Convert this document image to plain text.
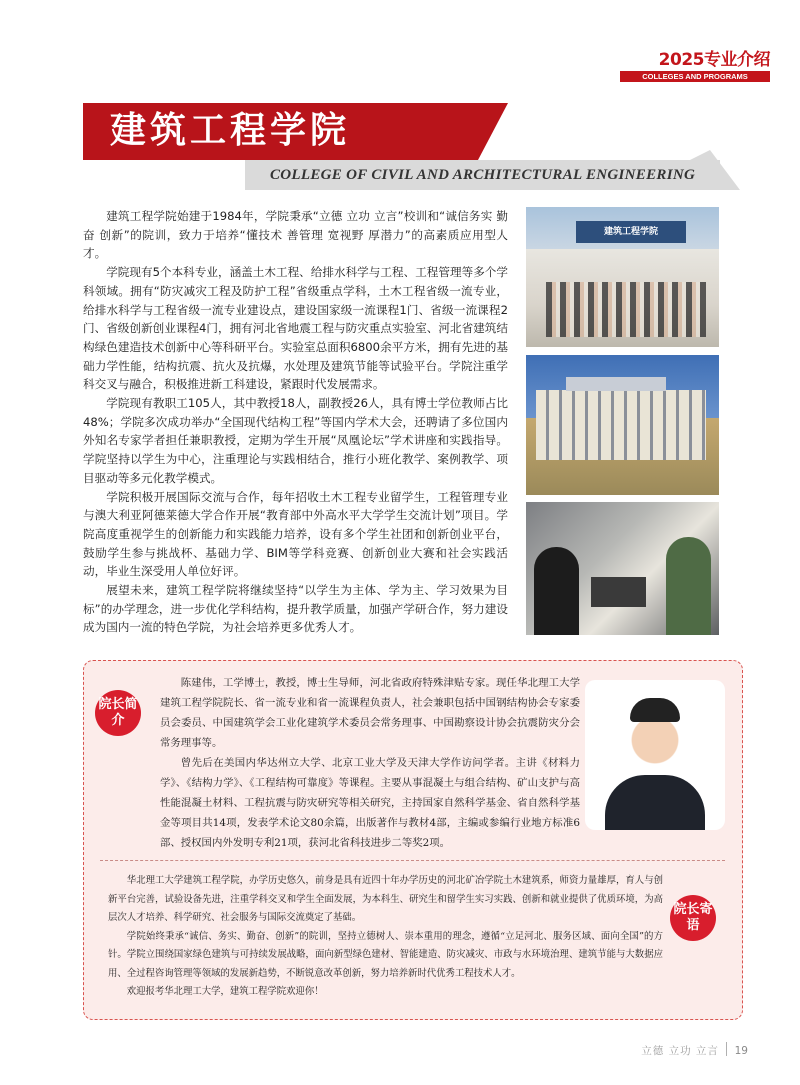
2025专业介绍
COLLEGES AND PROGRAMS
建筑工程学院
COLLEGE OF CIVIL AND ARCHITECTURAL ENGINEERING

建筑工程学院始建于1984年，学院秉承“立德 立功 立言”校训和“诚信务实 勤奋 创新”的院训，致力于培养“懂技术 善管理 宽视野 厚潜力”的高素质应用型人才。

学院现有5个本科专业，涵盖土木工程、给排水科学与工程、工程管理等多个学科领域。拥有“防灾减灾工程及防护工程”省级重点学科，土木工程省级一流专业，给排水科学与工程省级一流专业建设点，建设国家级一流课程1门、省级一流课程2门、省级创新创业课程4门，拥有河北省地震工程与防灾重点实验室、河北省建筑结构绿色建造技术创新中心等科研平台。实验室总面积6800余平方米，拥有先进的基础力学性能，结构抗震、抗火及抗爆，水处理及建筑节能等试验平台。学院注重学科交叉与融合，积极推进新工科建设，紧跟时代发展需求。

学院现有教职工105人，其中教授18人，副教授26人，具有博士学位教师占比48%；学院多次成功举办“全国现代结构工程”等国内学术大会，还聘请了多位国内外知名专家学者担任兼职教授，定期为学生开展“凤凰论坛”学术讲座和实践指导。学院坚持以学生为中心，注重理论与实践相结合，推行小班化教学、案例教学、项目驱动等多元化教学模式。

学院积极开展国际交流与合作，每年招收土木工程专业留学生，工程管理专业与澳大利亚阿德莱德大学合作开展“教育部中外高水平大学学生交流计划”项目。学院高度重视学生的创新能力和实践能力培养，设有多个学生社团和创新创业平台，鼓励学生参与挑战杯、基础力学、BIM等学科竞赛、创新创业大赛和社会实践活动，毕业生深受用人单位好评。

展望未来，建筑工程学院将继续坚持“以学生为主体、学为主、学习效果为目标”的办学理念，进一步优化学科结构，提升教学质量，加强产学研合作，努力建设成为国内一流的特色学院，为社会培养更多优秀人才。

建筑工程学院
院长简介

陈建伟，工学博士，教授，博士生导师，河北省政府特殊津贴专家。现任华北理工大学建筑工程学院院长、省一流专业和省一流课程负责人，社会兼职包括中国钢结构协会专家委员会委员、中国建筑学会工业化建筑学术委员会常务理事、中国勘察设计协会抗震防灾分会常务理事等。

曾先后在美国内华达州立大学、北京工业大学及天津大学作访问学者。主讲《材料力学》、《结构力学》、《工程结构可靠度》等课程。主要从事混凝土与组合结构、矿山支护与高性能混凝土材料、工程抗震与防灾研究等相关研究，主持国家自然科学基金、省自然科学基金等项目共14项，发表学术论文80余篇，出版著作与教材4部，主编或参编行业地方标准6部、授权国内外发明专利21项，获河北省科技进步二等奖2项。

华北理工大学建筑工程学院，办学历史悠久，前身是具有近四十年办学历史的河北矿冶学院土木建筑系，师资力量雄厚，育人与创新平台完善，试验设备先进，注重学科交叉和学生全面发展，为本科生、研究生和留学生实习实践、创新和就业提供了优质环境，为高层次人才培养、科学研究、社会服务与国际交流奠定了基础。

学院始终秉承“诚信、务实、勤奋、创新”的院训，坚持立德树人、崇本重用的理念，遵循“立足河北、服务区域、面向全国”的方针。学院立围绕国家绿色建筑与可持续发展战略，面向新型绿色建材、智能建造、防灾减灾、市政与水环境治理、建筑节能与大数据应用、全过程咨询管理等领域的发展新趋势，不断锐意改革创新，努力培养新时代优秀工程技术人才。

欢迎报考华北理工大学，建筑工程学院欢迎你！

院长寄语
立德 立功 立言 19
